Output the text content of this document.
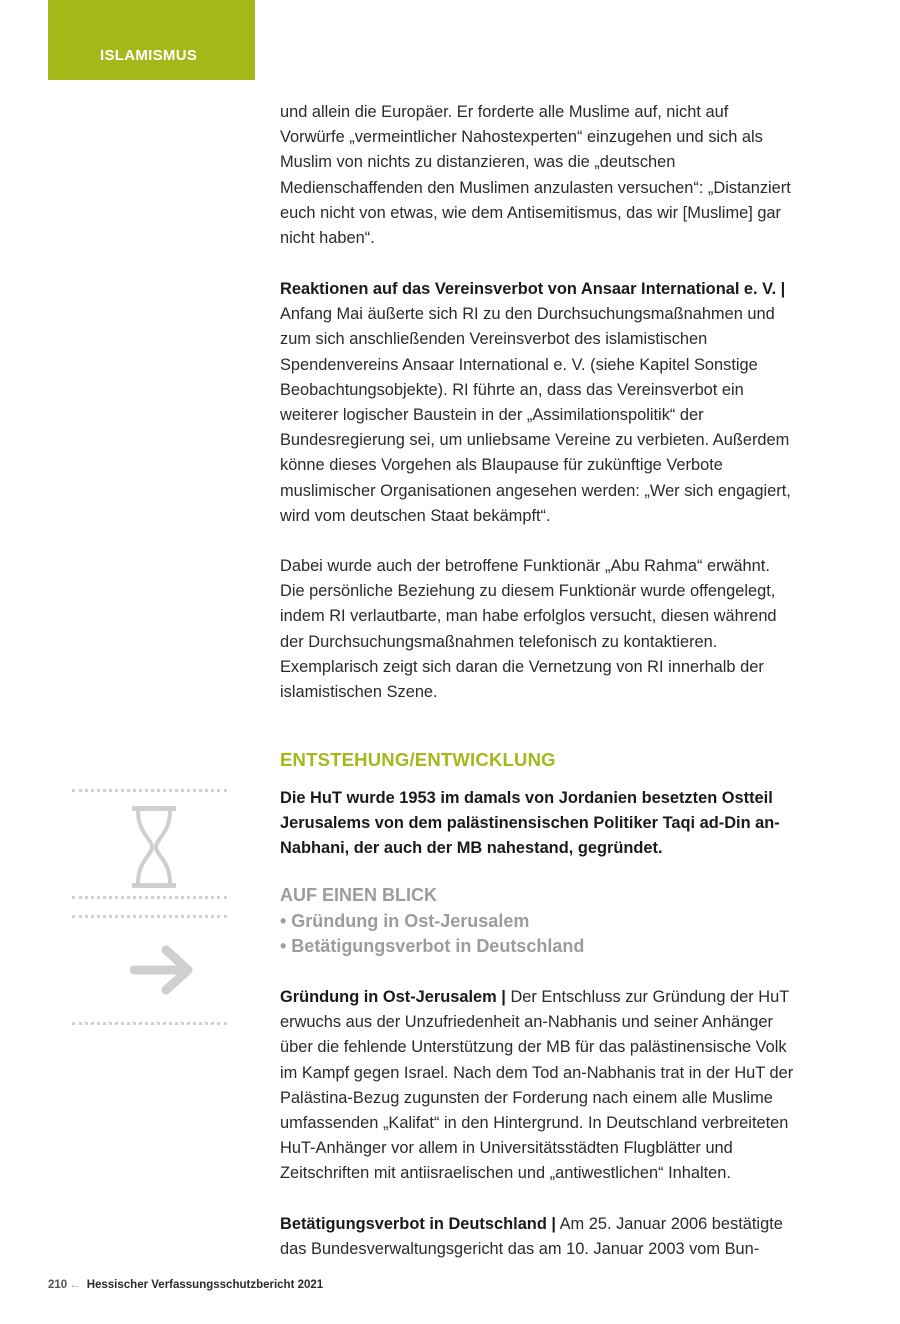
ISLAMISMUS

und allein die Europäer. Er forderte alle Muslime auf, nicht auf Vorwürfe „vermeintlicher Nahostexperten“ einzugehen und sich als Muslim von nichts zu distanzieren, was die „deutschen Medienschaffenden den Muslimen anzulasten versuchen“: „Distanziert euch nicht von etwas, wie dem Antisemitismus, das wir [Muslime] gar nicht haben“.

Reaktionen auf das Vereinsverbot von Ansaar International e. V. | Anfang Mai äußerte sich RI zu den Durchsuchungsmaßnahmen und zum sich anschließenden Vereinsverbot des islamistischen Spendenvereins Ansaar International e. V. (siehe Kapitel Sonstige Beobachtungsobjekte). RI führte an, dass das Vereinsverbot ein weiterer logischer Baustein in der „Assimilationspolitik“ der Bundesregierung sei, um unliebsame Vereine zu verbieten. Außerdem könne dieses Vorgehen als Blaupause für zukünftige Verbote muslimischer Organisationen angesehen werden: „Wer sich engagiert, wird vom deutschen Staat bekämpft“.

Dabei wurde auch der betroffene Funktionär „Abu Rahma“ erwähnt. Die persönliche Beziehung zu diesem Funktionär wurde offengelegt, indem RI verlautbarte, man habe erfolglos versucht, diesen während der Durchsuchungsmaßnahmen telefonisch zu kontaktieren. Exemplarisch zeigt sich daran die Vernetzung von RI innerhalb der islamistischen Szene.

ENTSTEHUNG/ENTWICKLUNG
Die HuT wurde 1953 im damals von Jordanien besetzten Ostteil Jerusalems von dem palästinensischen Politiker Taqi ad-Din an-Nabhani, der auch der MB nahestand, gegründet.
AUF EINEN BLICK
• Gründung in Ost-Jerusalem
• Betätigungsverbot in Deutschland

Gründung in Ost-Jerusalem | Der Entschluss zur Gründung der HuT erwuchs aus der Unzufriedenheit an-Nabhanis und seiner Anhänger über die fehlende Unterstützung der MB für das palästinensische Volk im Kampf gegen Israel. Nach dem Tod an-Nabhanis trat in der HuT der Palästina-Bezug zugunsten der Forderung nach einem alle Muslime umfassenden „Kalifat“ in den Hintergrund. In Deutschland verbreiteten HuT-Anhänger vor allem in Universitätsstädten Flugblätter und Zeitschriften mit antiisraelischen und „antiwestlichen“ Inhalten.

Betätigungsverbot in Deutschland | Am 25. Januar 2006 bestätigte das Bundesverwaltungsgericht das am 10. Januar 2003 vom Bun-

210 ← Hessischer Verfassungsschutzbericht 2021
